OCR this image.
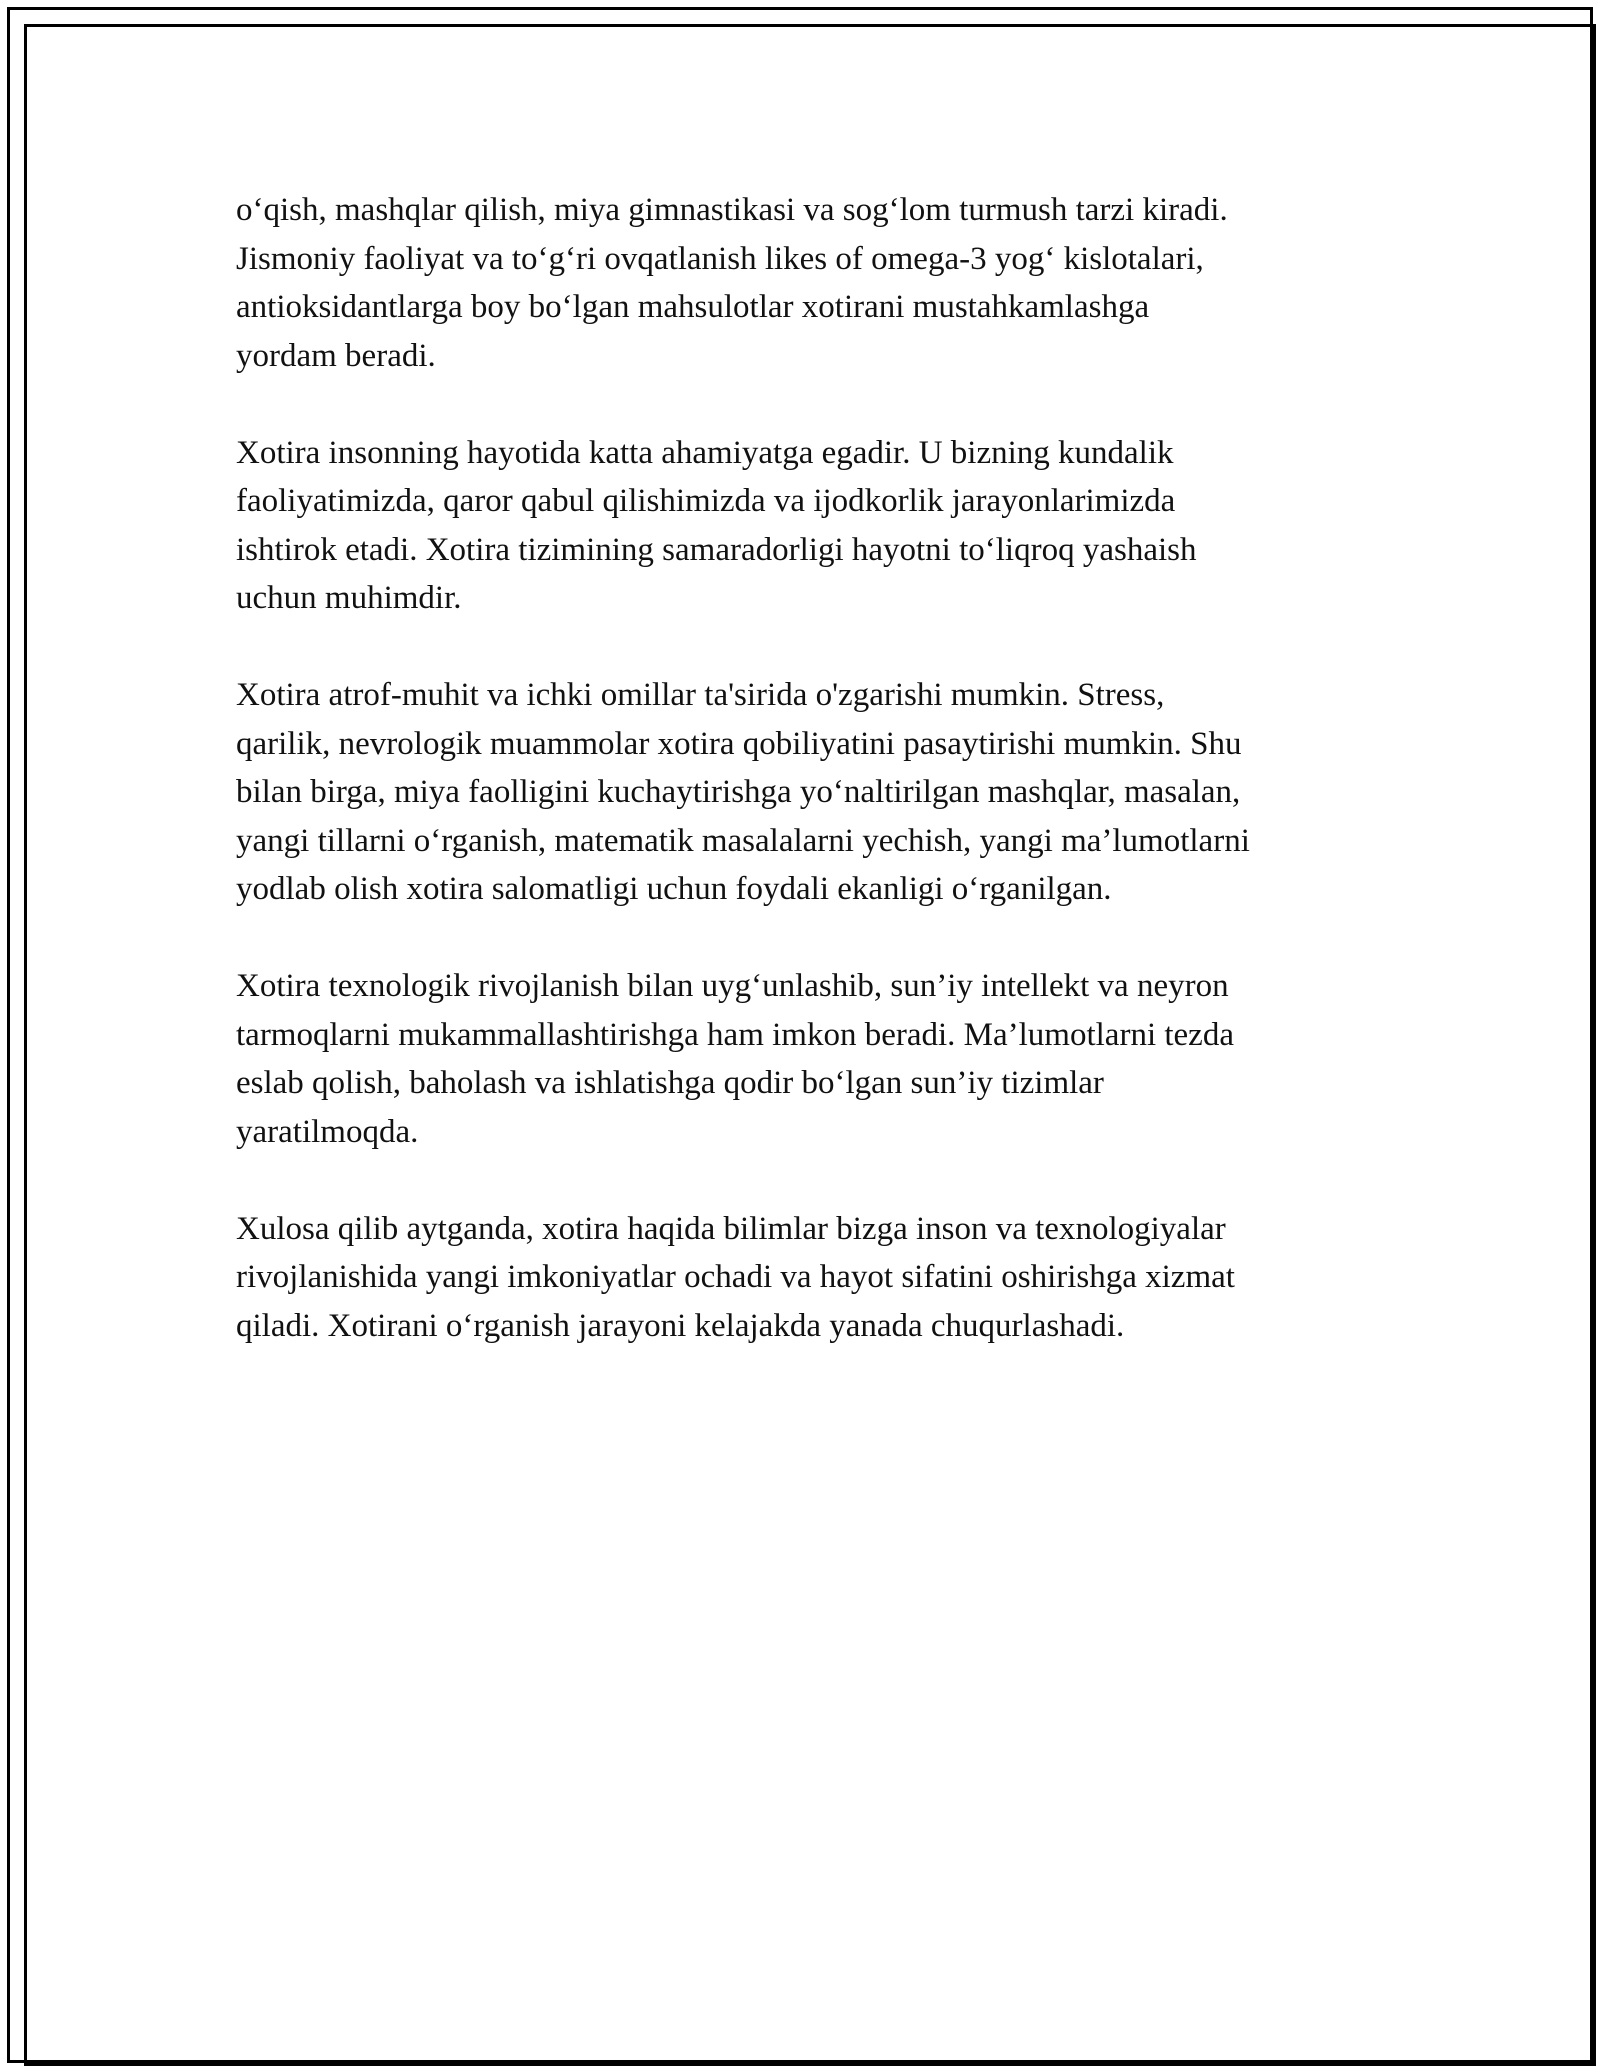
o‘qish, mashqlar qilish, miya gimnastikasi va sog‘lom turmush tarzi kiradi.
Jismoniy faoliyat va to‘g‘ri ovqatlanish likes of omega-3 yog‘ kislotalari,
antioksidantlarga boy bo‘lgan mahsulotlar xotirani mustahkamlashga
yordam beradi.

Xotira insonning hayotida katta ahamiyatga egadir. U bizning kundalik
faoliyatimizda, qaror qabul qilishimizda va ijodkorlik jarayonlarimizda
ishtirok etadi. Xotira tizimining samaradorligi hayotni to‘liqroq yashaish
uchun muhimdir.

Xotira atrof-muhit va ichki omillar ta'sirida o'zgarishi mumkin. Stress,
qarilik, nevrologik muammolar xotira qobiliyatini pasaytirishi mumkin. Shu
bilan birga, miya faolligini kuchaytirishga yo‘naltirilgan mashqlar, masalan,
yangi tillarni o‘rganish, matematik masalalarni yechish, yangi ma’lumotlarni
yodlab olish xotira salomatligi uchun foydali ekanligi o‘rganilgan.

Xotira texnologik rivojlanish bilan uyg‘unlashib, sun’iy intellekt va neyron
tarmoqlarni mukammallashtirishga ham imkon beradi. Ma’lumotlarni tezda
eslab qolish, baholash va ishlatishga qodir bo‘lgan sun’iy tizimlar
yaratilmoqda.

Xulosa qilib aytganda, xotira haqida bilimlar bizga inson va texnologiyalar
rivojlanishida yangi imkoniyatlar ochadi va hayot sifatini oshirishga xizmat
qiladi. Xotirani o‘rganish jarayoni kelajakda yanada chuqurlashadi.
